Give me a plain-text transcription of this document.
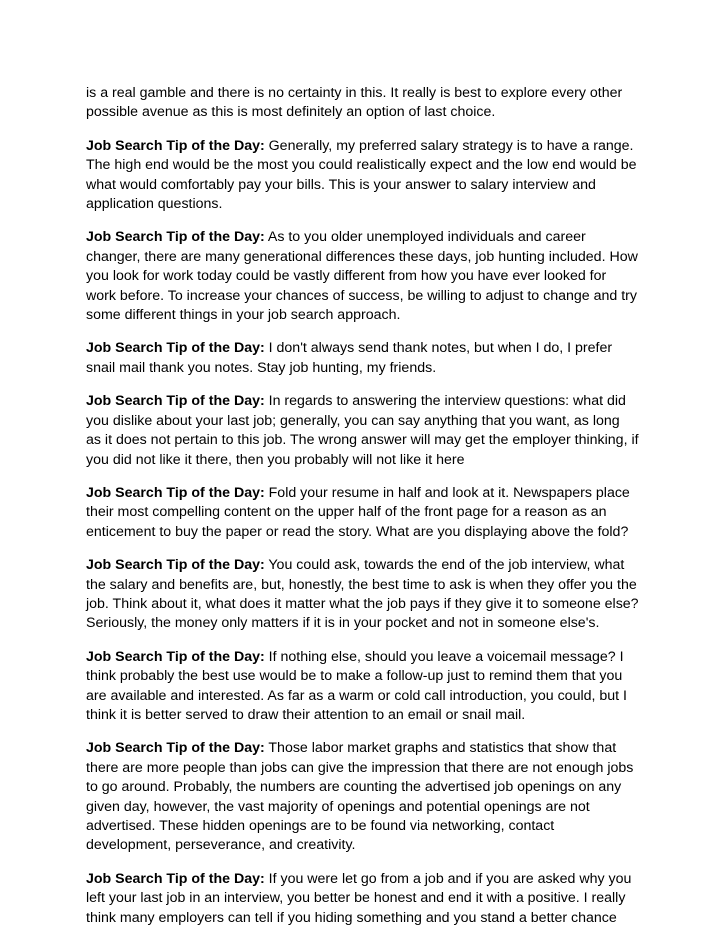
is a real gamble and there is no certainty in this. It really is best to explore every other
possible avenue as this is most definitely an option of last choice.

Job Search Tip of the Day: Generally, my preferred salary strategy is to have a range.
The high end would be the most you could realistically expect and the low end would be
what would comfortably pay your bills. This is your answer to salary interview and
application questions.

Job Search Tip of the Day: As to you older unemployed individuals and career
changer, there are many generational differences these days, job hunting included. How
you look for work today could be vastly different from how you have ever looked for
work before. To increase your chances of success, be willing to adjust to change and try
some different things in your job search approach.

Job Search Tip of the Day: I don't always send thank notes, but when I do, I prefer
snail mail thank you notes. Stay job hunting, my friends.

Job Search Tip of the Day: In regards to answering the interview questions: what did
you dislike about your last job; generally, you can say anything that you want, as long
as it does not pertain to this job. The wrong answer will may get the employer thinking, if
you did not like it there, then you probably will not like it here

Job Search Tip of the Day: Fold your resume in half and look at it. Newspapers place
their most compelling content on the upper half of the front page for a reason as an
enticement to buy the paper or read the story. What are you displaying above the fold?

Job Search Tip of the Day: You could ask, towards the end of the job interview, what
the salary and benefits are, but, honestly, the best time to ask is when they offer you the
job. Think about it, what does it matter what the job pays if they give it to someone else?
Seriously, the money only matters if it is in your pocket and not in someone else's.

Job Search Tip of the Day: If nothing else, should you leave a voicemail message? I
think probably the best use would be to make a follow-up just to remind them that you
are available and interested. As far as a warm or cold call introduction, you could, but I
think it is better served to draw their attention to an email or snail mail.

Job Search Tip of the Day: Those labor market graphs and statistics that show that
there are more people than jobs can give the impression that there are not enough jobs
to go around. Probably, the numbers are counting the advertised job openings on any
given day, however, the vast majority of openings and potential openings are not
advertised. These hidden openings are to be found via networking, contact
development, perseverance, and creativity.

Job Search Tip of the Day: If you were let go from a job and if you are asked why you
left your last job in an interview, you better be honest and end it with a positive. I really
think many employers can tell if you hiding something and you stand a better chance
